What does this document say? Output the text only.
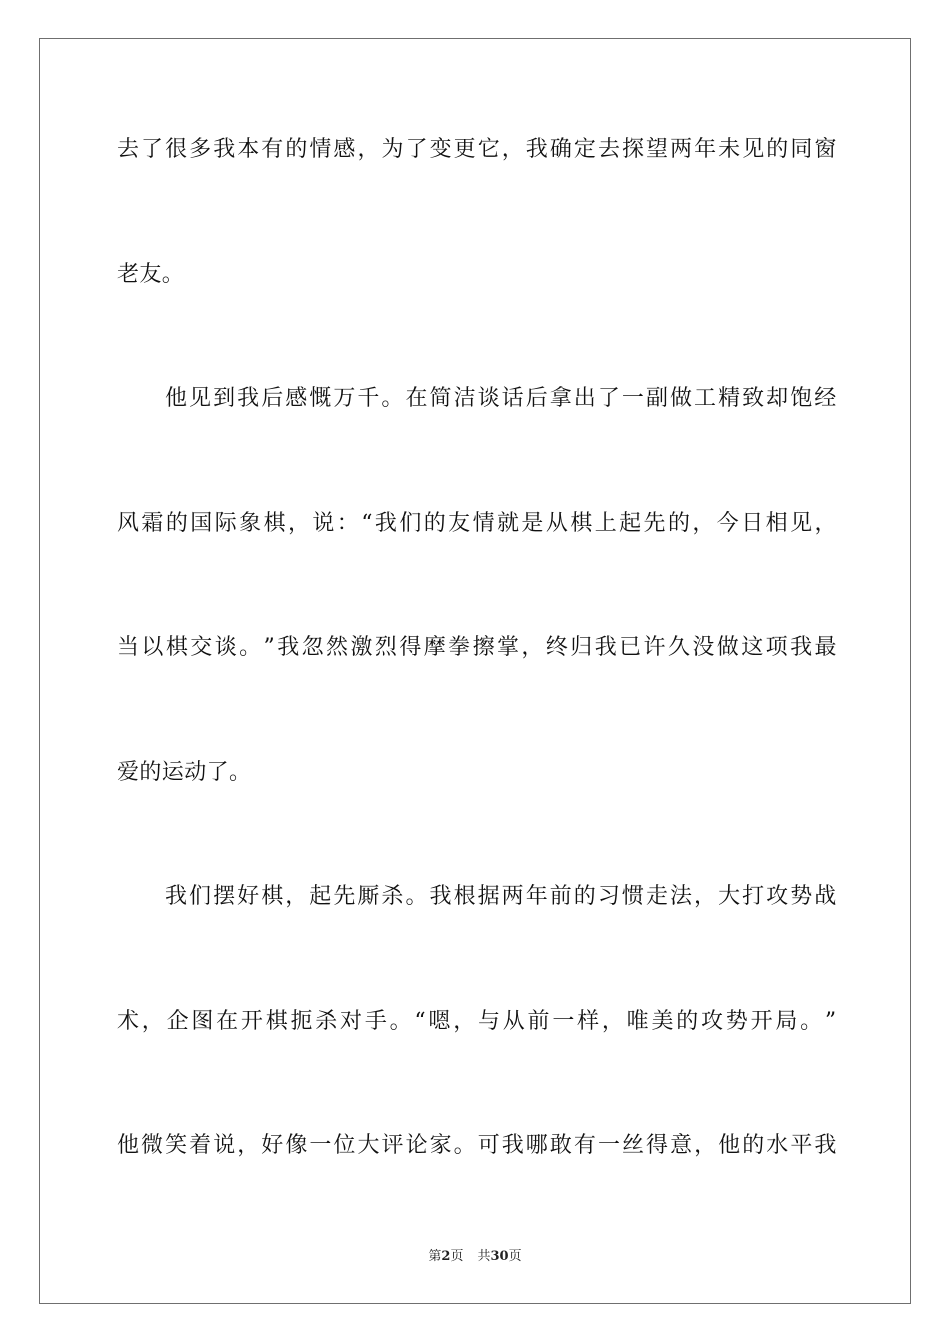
去 了 很 多 我 本 有 的 情 感 ， 为 了 变 更 它 ， 我 确 定 去 探 望 两 年 未 见 的 同 窗
老友。
他 见 到 我 后 感 慨 万 千 。 在 简 洁 谈 话 后 拿 出 了 一 副 做 工 精 致 却 饱 经
风 霜 的 国 际 象 棋 ， 说 ： “ 我 们 的 友 情 就 是 从 棋 上 起 先 的 ， 今 日 相 见 ，
当 以 棋 交 谈 。 ” 我 忽 然 激 烈 得 摩 拳 擦 掌 ， 终 归 我 已 许 久 没 做 这 项 我 最
爱的运动了。
我 们 摆 好 棋 ， 起 先 厮 杀 。 我 根 据 两 年 前 的 习 惯 走 法 ， 大 打 攻 势 战
术 ， 企 图 在 开 棋 扼 杀 对 手 。 “ 嗯 ， 与 从 前 一 样 ， 唯 美 的 攻 势 开 局 。 ”
他 微 笑 着 说 ， 好 像 一 位 大 评 论 家 。 可 我 哪 敢 有 一 丝 得 意 ， 他 的 水 平 我
第2页 共30页
